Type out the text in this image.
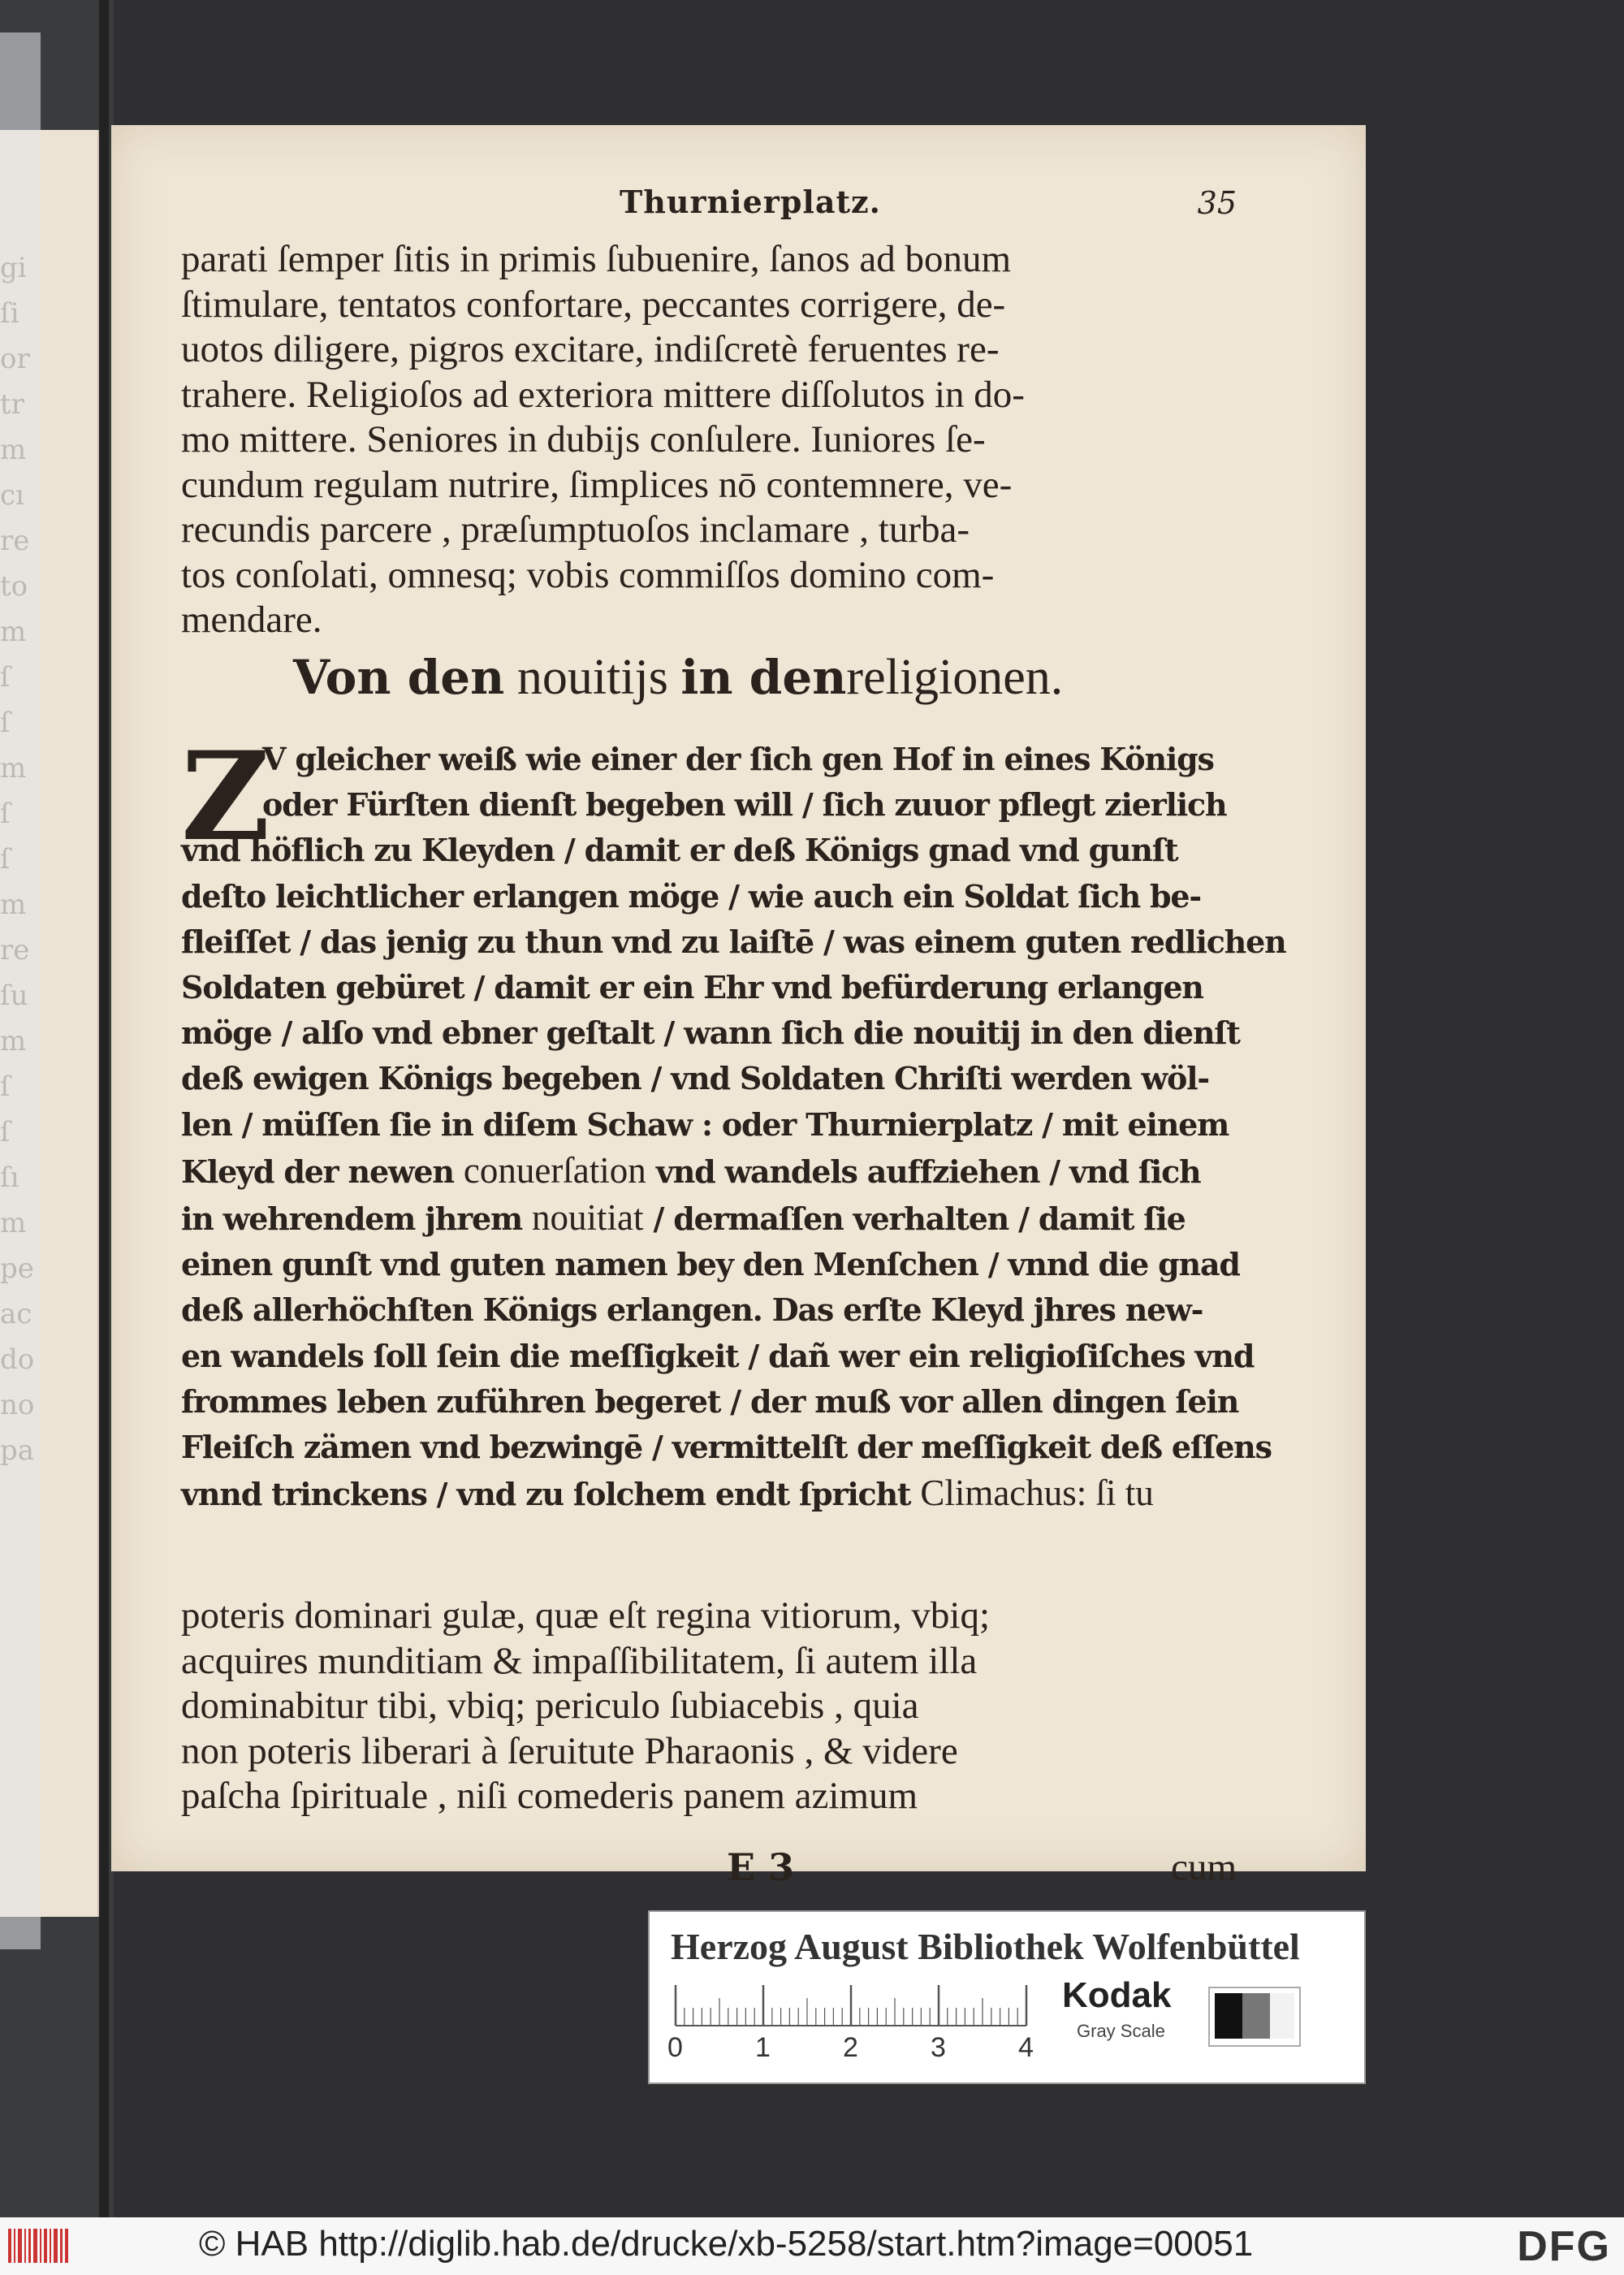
Thurnierplatz.	35

parati ſemper ſitis in primis ſubuenire, ſanos ad bonum

ſtimulare, tentatos confortare, peccantes corrigere, de-

uotos diligere, pigros excitare, indiſcretè feruentes re-

trahere. Religioſos ad exteriora mittere diſſolutos in do-

mo mittere. Seniores in dubijs conſulere. Iuniores ſe-

cundum regulam nutrire, ſimplices nō contemnere, ve-

recundis parcere , præſumptuoſos inclamare , turba-

tos conſolati, omnesq; vobis commiſſos domino com-

mendare.

Von den nouitijs in denreligionen.
Z

V gleicher weiß wie einer der ſich gen Hof in eines Königs

oder Fürſten dienſt begeben will / ſich zuuor pflegt zierlich

vnd höflich zu Kleyden / damit er deß Königs gnad vnd gunſt

deſto leichtlicher erlangen möge / wie auch ein Soldat ſich be-

fleiſſet / das jenig zu thun vnd zu laiſtē / was einem guten redlichen

Soldaten gebüret / damit er ein Ehr vnd befürderung erlangen

möge / alſo vnd ebner geſtalt / wann ſich die nouitij in den dienſt

deß ewigen Königs begeben / vnd Soldaten Chriſti werden wöl-

len / müſſen ſie in diſem Schaw : oder Thurnierplatz / mit einem

Kleyd der newen conuerſation vnd wandels auffziehen / vnd ſich

in wehrendem jhrem nouitiat / dermaſſen verhalten / damit ſie

einen gunſt vnd guten namen bey den Menſchen / vnnd die gnad

deß allerhöchſten Königs erlangen. Das erſte Kleyd jhres new-

en wandels ſoll ſein die meſſigkeit / dañ wer ein religioſiſches vnd

frommes leben zuführen begeret / der muß vor allen dingen ſein

Fleiſch zämen vnd bezwingē / vermittelſt der meſſigkeit deß eſſens

vnnd trinckens / vnd zu ſolchem endt ſpricht Climachus: ſi tu

poteris dominari gulæ, quæ eſt regina vitiorum, vbiq;

acquires munditiam & impaſſibilitatem, ſi autem illa

dominabitur tibi, vbiq; periculo ſubiacebis , quia

non poteris liberari à ſeruitute Pharaonis , & videre

paſcha ſpirituale , niſi comederis panem azimum

E 3	cum
Herzog August Bibliothek Wolfenbüttel
0	1	2	3	4
Kodak
Gray Scale
© HAB http://diglib.hab.de/drucke/xb-5258/start.htm?image=00051	DFG
